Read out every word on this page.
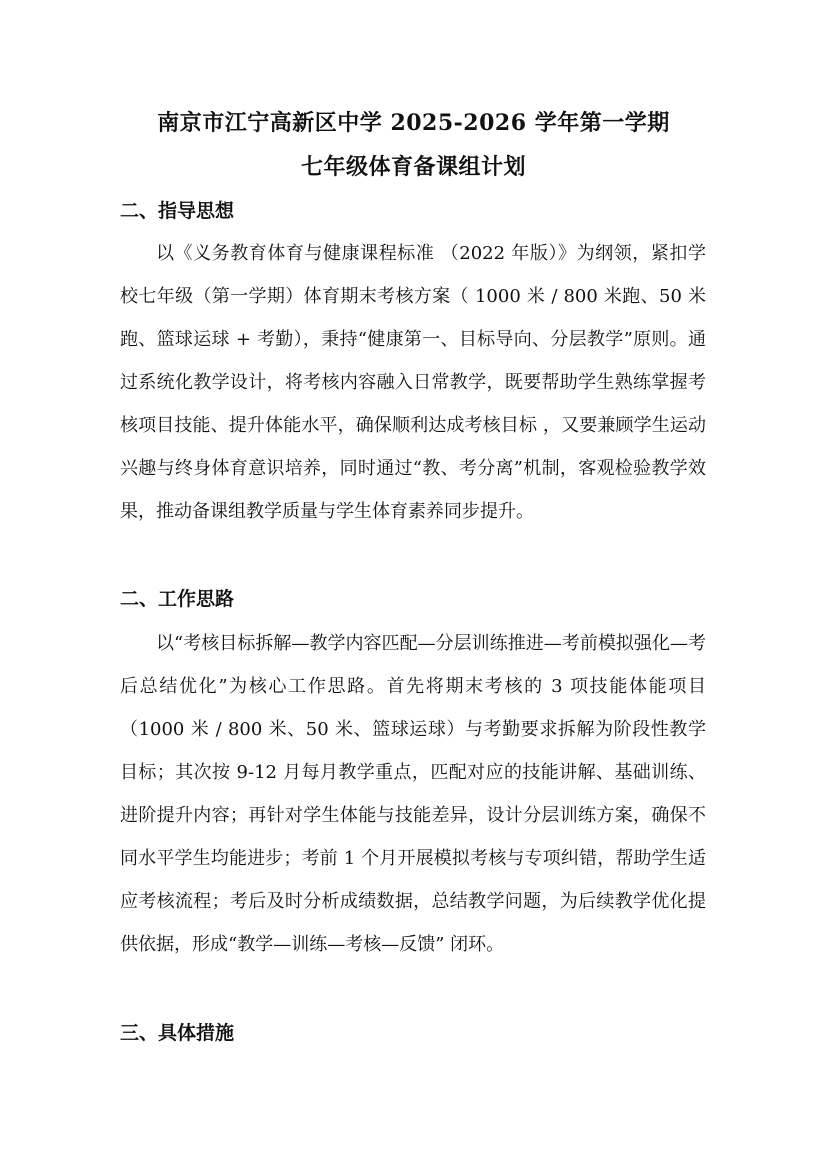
南京市江宁高新区中学 2025-2026 学年第一学期
七年级体育备课组计划
二、指导思想

以《义务教育体育与健康课程标准 （2022 年版）》为纲领，紧扣学校七年级（第一学期）体育期末考核方案（ 1000 米 / 800 米跑、50 米跑、篮球运球 + 考勤），秉持“健康第一、目标导向、分层教学”原则。通过系统化教学设计，将考核内容融入日常教学，既要帮助学生熟练掌握考核项目技能、提升体能水平，确保顺利达成考核目标 ，又要兼顾学生运动兴趣与终身体育意识培养，同时通过“教、考分离”机制，客观检验教学效果，推动备课组教学质量与学生体育素养同步提升。

二、工作思路

以“考核目标拆解—教学内容匹配—分层训练推进—考前模拟强化—考后总结优化”为核心工作思路。首先将期末考核的 3 项技能体能项目（1000 米 / 800 米、50 米、篮球运球）与考勤要求拆解为阶段性教学目标；其次按 9-12 月每月教学重点，匹配对应的技能讲解、基础训练、进阶提升内容；再针对学生体能与技能差异，设计分层训练方案，确保不同水平学生均能进步；考前 1 个月开展模拟考核与专项纠错，帮助学生适应考核流程；考后及时分析成绩数据，总结教学问题，为后续教学优化提供依据，形成“教学—训练—考核—反馈” 闭环。

三、具体措施
